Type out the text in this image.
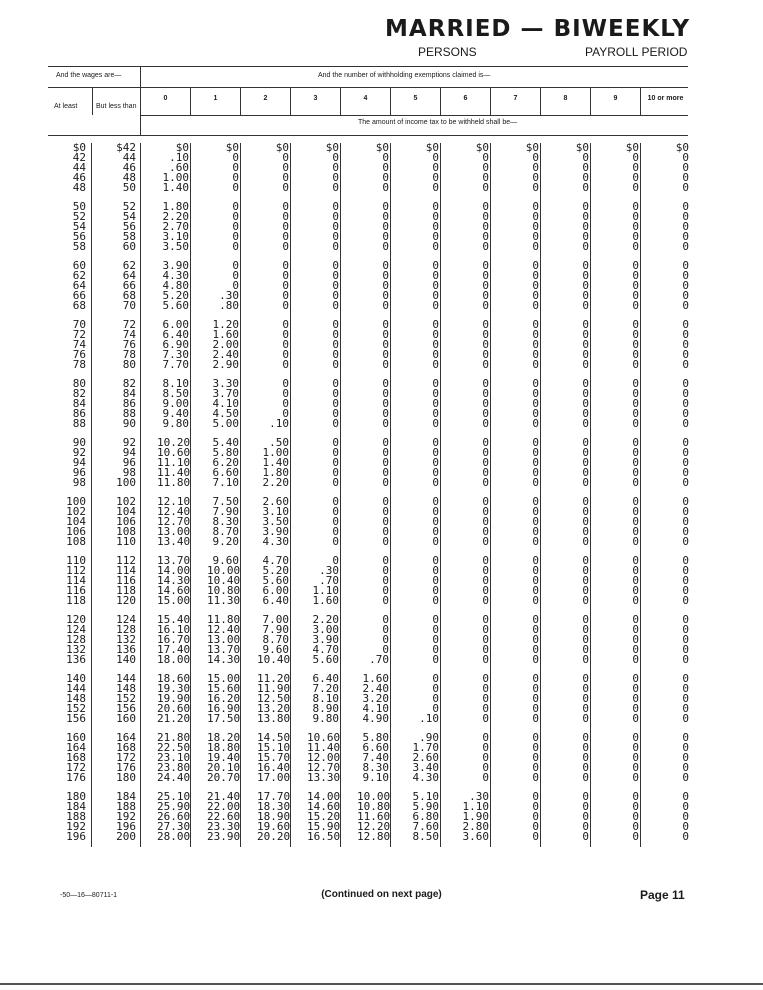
MARRIED — BIWEEKLY
PERSONS	PAYROLL PERIOD
And the wages are—	And the number of withholding exemptions claimed is—
At least	But less than
The amount of income tax to be withheld shall be—
0	1	2	3	4	5	6	7	8	9	10 or more
$0	$42	$0	$0	$0	$0	$0	$0	$0	$0	$0	$0	$0
42	44	.10	0	0	0	0	0	0	0	0	0	0
44	46	.60	0	0	0	0	0	0	0	0	0	0
46	48	1.00	0	0	0	0	0	0	0	0	0	0
48	50	1.40	0	0	0	0	0	0	0	0	0	0
50	52	1.80	0	0	0	0	0	0	0	0	0	0
52	54	2.20	0	0	0	0	0	0	0	0	0	0
54	56	2.70	0	0	0	0	0	0	0	0	0	0
56	58	3.10	0	0	0	0	0	0	0	0	0	0
58	60	3.50	0	0	0	0	0	0	0	0	0	0
60	62	3.90	0	0	0	0	0	0	0	0	0	0
62	64	4.30	0	0	0	0	0	0	0	0	0	0
64	66	4.80	0	0	0	0	0	0	0	0	0	0
66	68	5.20	.30	0	0	0	0	0	0	0	0	0
68	70	5.60	.80	0	0	0	0	0	0	0	0	0
70	72	6.00	1.20	0	0	0	0	0	0	0	0	0
72	74	6.40	1.60	0	0	0	0	0	0	0	0	0
74	76	6.90	2.00	0	0	0	0	0	0	0	0	0
76	78	7.30	2.40	0	0	0	0	0	0	0	0	0
78	80	7.70	2.90	0	0	0	0	0	0	0	0	0
80	82	8.10	3.30	0	0	0	0	0	0	0	0	0
82	84	8.50	3.70	0	0	0	0	0	0	0	0	0
84	86	9.00	4.10	0	0	0	0	0	0	0	0	0
86	88	9.40	4.50	0	0	0	0	0	0	0	0	0
88	90	9.80	5.00	.10	0	0	0	0	0	0	0	0
90	92 10.20	5.40	.50	0	0	0	0	0	0	0	0
92	94 10.60	5.80	1.00	0	0	0	0	0	0	0	0
94	96 11.10	6.20	1.40	0	0	0	0	0	0	0	0
96	98 11.40	6.60	1.80	0	0	0	0	0	0	0	0
98	100 11.80	7.10	2.20	0	0	0	0	0	0	0	0
100	102 12.10	7.50	2.60	0	0	0	0	0	0	0	0
102	104 12.40	7.90	3.10	0	0	0	0	0	0	0	0
104	106 12.70	8.30	3.50	0	0	0	0	0	0	0	0
106	108 13.00	8.70	3.90	0	0	0	0	0	0	0	0
108	110 13.40	9.20	4.30	0	0	0	0	0	0	0	0
110	112 13.70	9.60	4.70	0	0	0	0	0	0	0	0
112	114 14.00 10.00	5.20	.30	0	0	0	0	0	0	0
114	116 14.30 10.40	5.60	.70	0	0	0	0	0	0	0
116	118 14.60 10.80	6.00	1.10	0	0	0	0	0	0	0
118	120 15.00 11.30	6.40	1.60	0	0	0	0	0	0	0
120	124 15.40 11.80	7.00	2.20	0	0	0	0	0	0	0
124	128 16.10 12.40	7.90	3.00	0	0	0	0	0	0	0
128	132 16.70 13.00	8.70	3.90	0	0	0	0	0	0	0
132	136 17.40 13.70	9.60	4.70	0	0	0	0	0	0	0
136	140 18.00 14.30 10.40	5.60	.70	0	0	0	0	0	0
140	144 18.60 15.00 11.20	6.40	1.60	0	0	0	0	0	0
144	148 19.30 15.60 11.90	7.20	2.40	0	0	0	0	0	0
148	152 19.90 16.20 12.50	8.10	3.20	0	0	0	0	0	0
152	156 20.60 16.90 13.20	8.90	4.10	0	0	0	0	0	0
156	160 21.20 17.50 13.80	9.80	4.90	.10	0	0	0	0	0
160	164 21.80 18.20 14.50 10.60	5.80	.90	0	0	0	0	0
164	168 22.50 18.80 15.10 11.40	6.60	1.70	0	0	0	0	0
168	172 23.10 19.40 15.70 12.00	7.40	2.60	0	0	0	0	0
172	176 23.80 20.10 16.40 12.70	8.30	3.40	0	0	0	0	0
176	180 24.40 20.70 17.00 13.30	9.10	4.30	0	0	0	0	0
180	184 25.10 21.40 17.70 14.00 10.00	5.10	.30	0	0	0	0
184	188 25.90 22.00 18.30 14.60 10.80	5.90	1.10	0	0	0	0
188	192 26.60 22.60 18.90 15.20 11.60	6.80	1.90	0	0	0	0
192	196 27.30 23.30 19.60 15.90 12.20	7.60	2.80	0	0	0	0
196	200 28.00 23.90 20.20 16.50 12.80	8.50	3.60	0	0	0	0
-50—16—80711-1	(Continued on next page)	Page 11
